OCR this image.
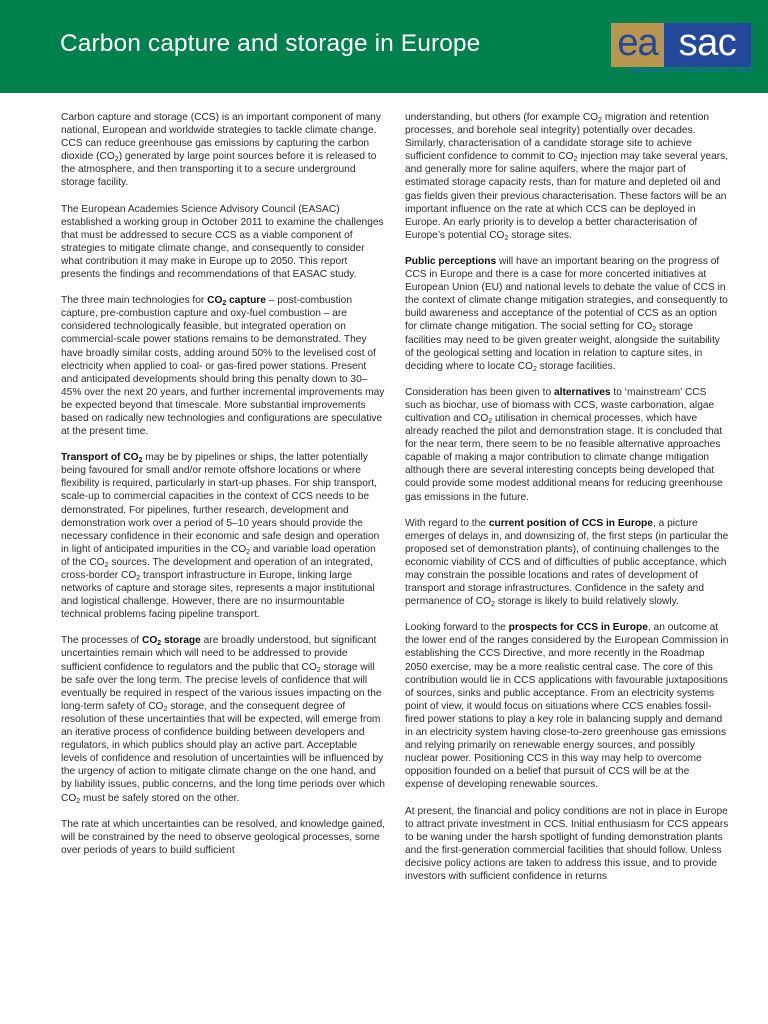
Carbon capture and storage in Europe	ea sac
European Academies Science Advisory Council

Carbon capture and storage (CCS) is an important component of many national, European and worldwide strategies to tackle climate change. CCS can reduce greenhouse gas emissions by capturing the carbon dioxide $(CO_2)$ generated by large point sources before it is released to the atmosphere, and then transporting it to a secure underground storage facility.

The European Academies Science Advisory Council (EASAC) established a working group in October 2011 to examine the challenges that must be addressed to secure CCS as a viable component of strategies to mitigate climate change, and consequently to consider what contribution it may make in Europe up to 2050. This report presents the findings and recommendations of that EASAC study.

The three main technologies for $CO_2$ capture – post-combustion capture, pre-combustion capture and oxy-fuel combustion – are considered technologically feasible, but integrated operation on commercial-scale power stations remains to be demonstrated. They have broadly similar costs, adding around 50% to the levelised cost of electricity when applied to coal- or gas-fired power stations. Present and anticipated developments should bring this penalty down to 30–45% over the next 20 years, and further incremental improvements may be expected beyond that timescale. More substantial improvements based on radically new technologies and configurations are speculative at the present time.

Transport of $CO_2$ may be by pipelines or ships, the latter potentially being favoured for small and/or remote offshore locations or where flexibility is required, particularly in start-up phases. For ship transport, scale-up to commercial capacities in the context of CCS needs to be demonstrated. For pipelines, further research, development and demonstration work over a period of 5–10 years should provide the necessary confidence in their economic and safe design and operation in light of anticipated impurities in the $CO_2$ and variable load operation of the $CO_2$ sources. The development and operation of an integrated, cross-border $CO_2$ transport infrastructure in Europe, linking large networks of capture and storage sites, represents a major institutional and logistical challenge. However, there are no insurmountable technical problems facing pipeline transport.

The processes of $CO_2$ storage are broadly understood, but significant uncertainties remain which will need to be addressed to provide sufficient confidence to regulators and the public that $CO_2$ storage will be safe over the long term. The precise levels of confidence that will eventually be required in respect of the various issues impacting on the long-term safety of $CO_2$ storage, and the consequent degree of resolution of these uncertainties that will be expected, will emerge from an iterative process of confidence building between developers and regulators, in which publics should play an active part. Acceptable levels of confidence and resolution of uncertainties will be influenced by the urgency of action to mitigate climate change on the one hand, and by liability issues, public concerns, and the long time periods over which $CO_2$ must be safely stored on the other.

The rate at which uncertainties can be resolved, and knowledge gained, will be constrained by the need to observe geological processes, some over periods of years to build sufficient

understanding, but others (for example $CO_2$ migration and retention processes, and borehole seal integrity) potentially over decades. Similarly, characterisation of a candidate storage site to achieve sufficient confidence to commit to $CO_2$ injection may take several years, and generally more for saline aquifers, where the major part of estimated storage capacity rests, than for mature and depleted oil and gas fields given their previous characterisation. These factors will be an important influence on the rate at which CCS can be deployed in Europe. An early priority is to develop a better characterisation of Europe’s potential $CO_2$ storage sites.

Public perceptions will have an important bearing on the progress of CCS in Europe and there is a case for more concerted initiatives at European Union (EU) and national levels to debate the value of CCS in the context of climate change mitigation strategies, and consequently to build awareness and acceptance of the potential of CCS as an option for climate change mitigation. The social setting for $CO_2$ storage facilities may need to be given greater weight, alongside the suitability of the geological setting and location in relation to capture sites, in deciding where to locate $CO_2$ storage facilities.

Consideration has been given to alternatives to ‘mainstream’ CCS such as biochar, use of biomass with CCS, waste carbonation, algae cultivation and $CO_2$ utilisation in chemical processes, which have already reached the pilot and demonstration stage. It is concluded that for the near term, there seem to be no feasible alternative approaches capable of making a major contribution to climate change mitigation although there are several interesting concepts being developed that could provide some modest additional means for reducing greenhouse gas emissions in the future.

With regard to the current position of CCS in Europe, a picture emerges of delays in, and downsizing of, the first steps (in particular the proposed set of demonstration plants), of continuing challenges to the economic viability of CCS and of difficulties of public acceptance, which may constrain the possible locations and rates of development of transport and storage infrastructures. Confidence in the safety and permanence of $CO_2$ storage is likely to build relatively slowly.

Looking forward to the prospects for CCS in Europe, an outcome at the lower end of the ranges considered by the European Commission in establishing the CCS Directive, and more recently in the Roadmap 2050 exercise, may be a more realistic central case. The core of this contribution would lie in CCS applications with favourable juxtapositions of sources, sinks and public acceptance. From an electricity systems point of view, it would focus on situations where CCS enables fossil-fired power stations to play a key role in balancing supply and demand in an electricity system having close-to-zero greenhouse gas emissions and relying primarily on renewable energy sources, and possibly nuclear power. Positioning CCS in this way may help to overcome opposition founded on a belief that pursuit of CCS will be at the expense of developing renewable sources.

At present, the financial and policy conditions are not in place in Europe to attract private investment in CCS. Initial enthusiasm for CCS appears to be waning under the harsh spotlight of funding demonstration plants and the first-generation commercial facilities that should follow. Unless decisive policy actions are taken to address this issue, and to provide investors with sufficient confidence in returns
